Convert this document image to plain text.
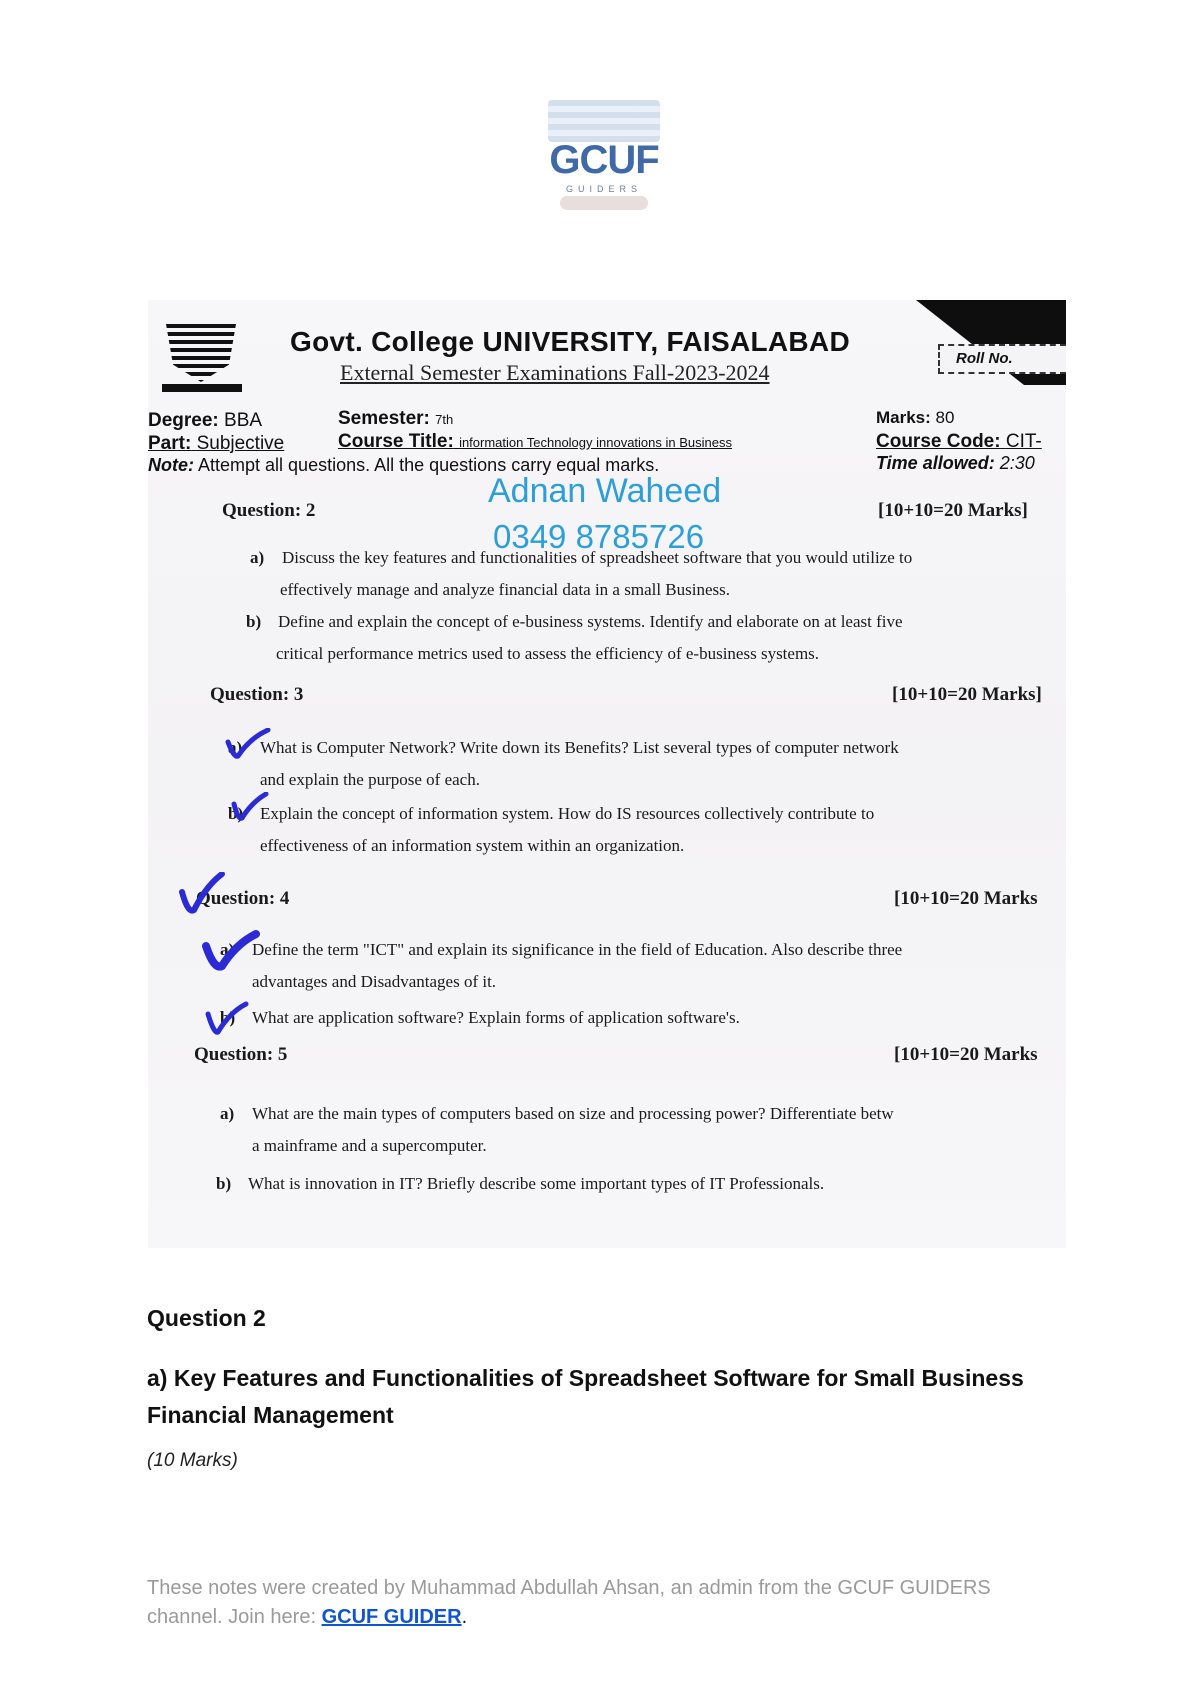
GCUF
GUIDERS
Roll No.
Govt. College UNIVERSITY, FAISALABAD
External Semester Examinations Fall-2023-2024
Degree: BBA	Semester: 7th	Marks: 80
Part: Subjective	Course Title: information Technology innovations in Business	Course Code: CIT-
Note: Attempt all questions. All the questions carry equal marks.	Time allowed: 2:30
Adnan Waheed
0349 8785726
Question: 2	[10+10=20 Marks]
a) Discuss the key features and functionalities of spreadsheet software that you would utilize to
effectively manage and analyze financial data in a small Business.
b) Define and explain the concept of e-business systems. Identify and elaborate on at least five
critical performance metrics used to assess the efficiency of e-business systems.
Question: 3	[10+10=20 Marks]
a) What is Computer Network? Write down its Benefits? List several types of computer network
and explain the purpose of each.
b) Explain the concept of information system. How do IS resources collectively contribute to
effectiveness of an information system within an organization.
Question: 4	[10+10=20 Marks
a) Define the term "ICT" and explain its significance in the field of Education. Also describe three
advantages and Disadvantages of it.
b) What are application software? Explain forms of application software's.
Question: 5	[10+10=20 Marks
a) What are the main types of computers based on size and processing power? Differentiate betw
a mainframe and a supercomputer.
b) What is innovation in IT? Briefly describe some important types of IT Professionals.
Question 2
a) Key Features and Functionalities of Spreadsheet Software for Small Business Financial Management
(10 Marks)
These notes were created by Muhammad Abdullah Ahsan, an admin from the GCUF GUIDERS channel. Join here: GCUF GUIDER.
